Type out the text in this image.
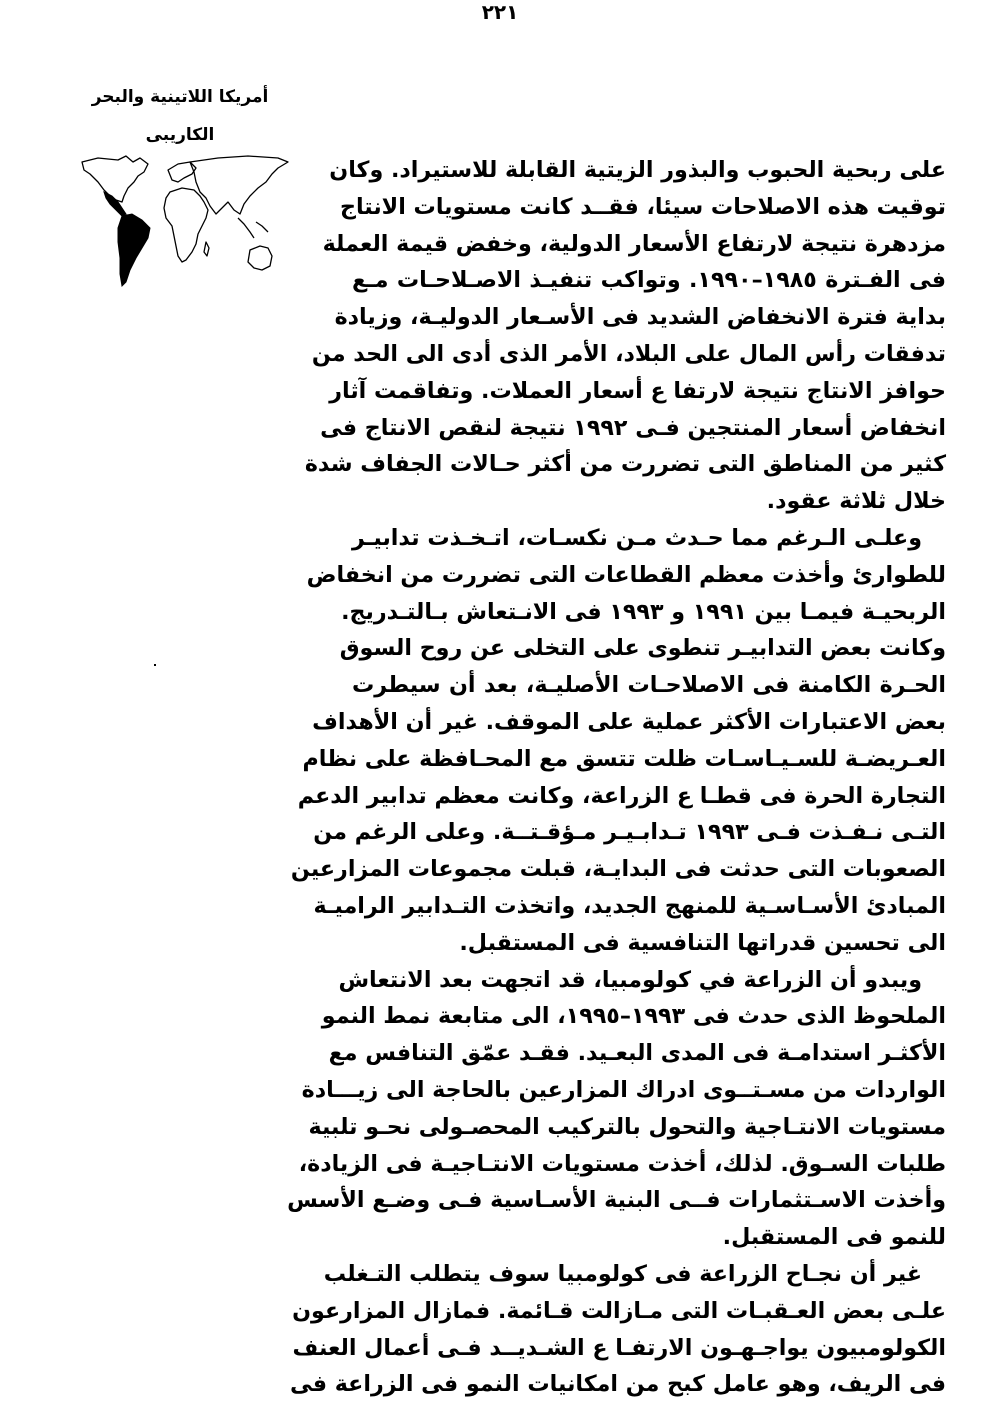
٢٢١
أمريكا اللاتينية والبحر
الكاريبى
على ربحية الحبوب والبذور الزيتية القابلة للاستيراد. وكان
توقيت هذه الاصلاحات سيئا، فقــد كانت مستويات الانتاج
مزدهرة نتيجة لارتفاع الأسعار الدولية، وخفض قيمة العملة
فى الفـترة ١٩٨٥–١٩٩٠. وتواكب تنفيـذ الاصـلاحـات مـع
بداية فترة الانخفاض الشديد فى الأسـعار الدوليـة، وزيادة
تدفقات رأس المال على البلاد، الأمر الذى أدى الى الحد من
حوافز الانتاج نتيجة لارتفا ع أسعار العملات. وتفاقمت آثار
انخفاض أسعار المنتجين فـى ١٩٩٢ نتيجة لنقص الانتاج فى
كثير من المناطق التى تضررت من أكثر حـالات الجفاف شدة
خلال ثلاثة عقود.
وعلـى الـرغم مما حـدث مـن نكسـات، اتـخـذت تدابيـر
للطوارئ وأخذت معظم القطاعات التى تضررت من انخفاض
الربحيـة فيمـا بين ١٩٩١ و ١٩٩٣ فى الانـتعاش بـالتـدريج.
وكانت بعض التدابيـر تنطوى على التخلى عن روح السوق
الحـرة الكامنة فى الاصلاحـات الأصليـة، بعد أن سيطرت
بعض الاعتبارات الأكثر عملية على الموقف. غير أن الأهداف
العـريضـة للسـيـاسـات ظلت تتسق مع المحـافظة على نظام
التجارة الحرة فى قطـا ع الزراعة، وكانت معظم تدابير الدعم
التـى نـفـذت فـى ١٩٩٣ تـدابـيـر مـؤقـتــة. وعلى الرغم من
الصعوبات التى حدثت فى البدايـة، قبلت مجموعات المزارعين
المبادئ الأسـاسـية للمنهج الجديد، واتخذت التـدابير الراميـة
الى تحسين قدراتها التنافسية فى المستقبل.
ويبدو أن الزراعة في كولومبيا، قد اتجهت بعد الانتعاش
الملحوظ الذى حدث فى ١٩٩٣–١٩٩٥، الى متابعة نمط النمو
الأكثـر استدامـة فى المدى البعـيد. فقـد عمّق التنافس مع
الواردات من مسـتــوى ادراك المزارعين بالحاجة الى زيـــادة
مستويات الانتـاجية والتحول بالتركيب المحصـولى نحـو تلبية
طلبات السـوق. لذلك، أخذت مستويات الانتـاجيـة فى الزيادة،
وأخذت الاسـتثمارات فــى البنية الأسـاسية فـى وضـع الأسس
للنمو فى المستقبل.
غير أن نجـاح الزراعة فى كولومبيا سوف يتطلب التـغلب
علـى بعض العـقبـات التى مـازالت قـائمة. فمازال المزارعون
الكولومبيون يواجـهـون الارتفـا ع الشـديــد فـى أعمال العنف
فى الريف، وهو عامل كبح من امكانيات النمو فى الزراعة فى
